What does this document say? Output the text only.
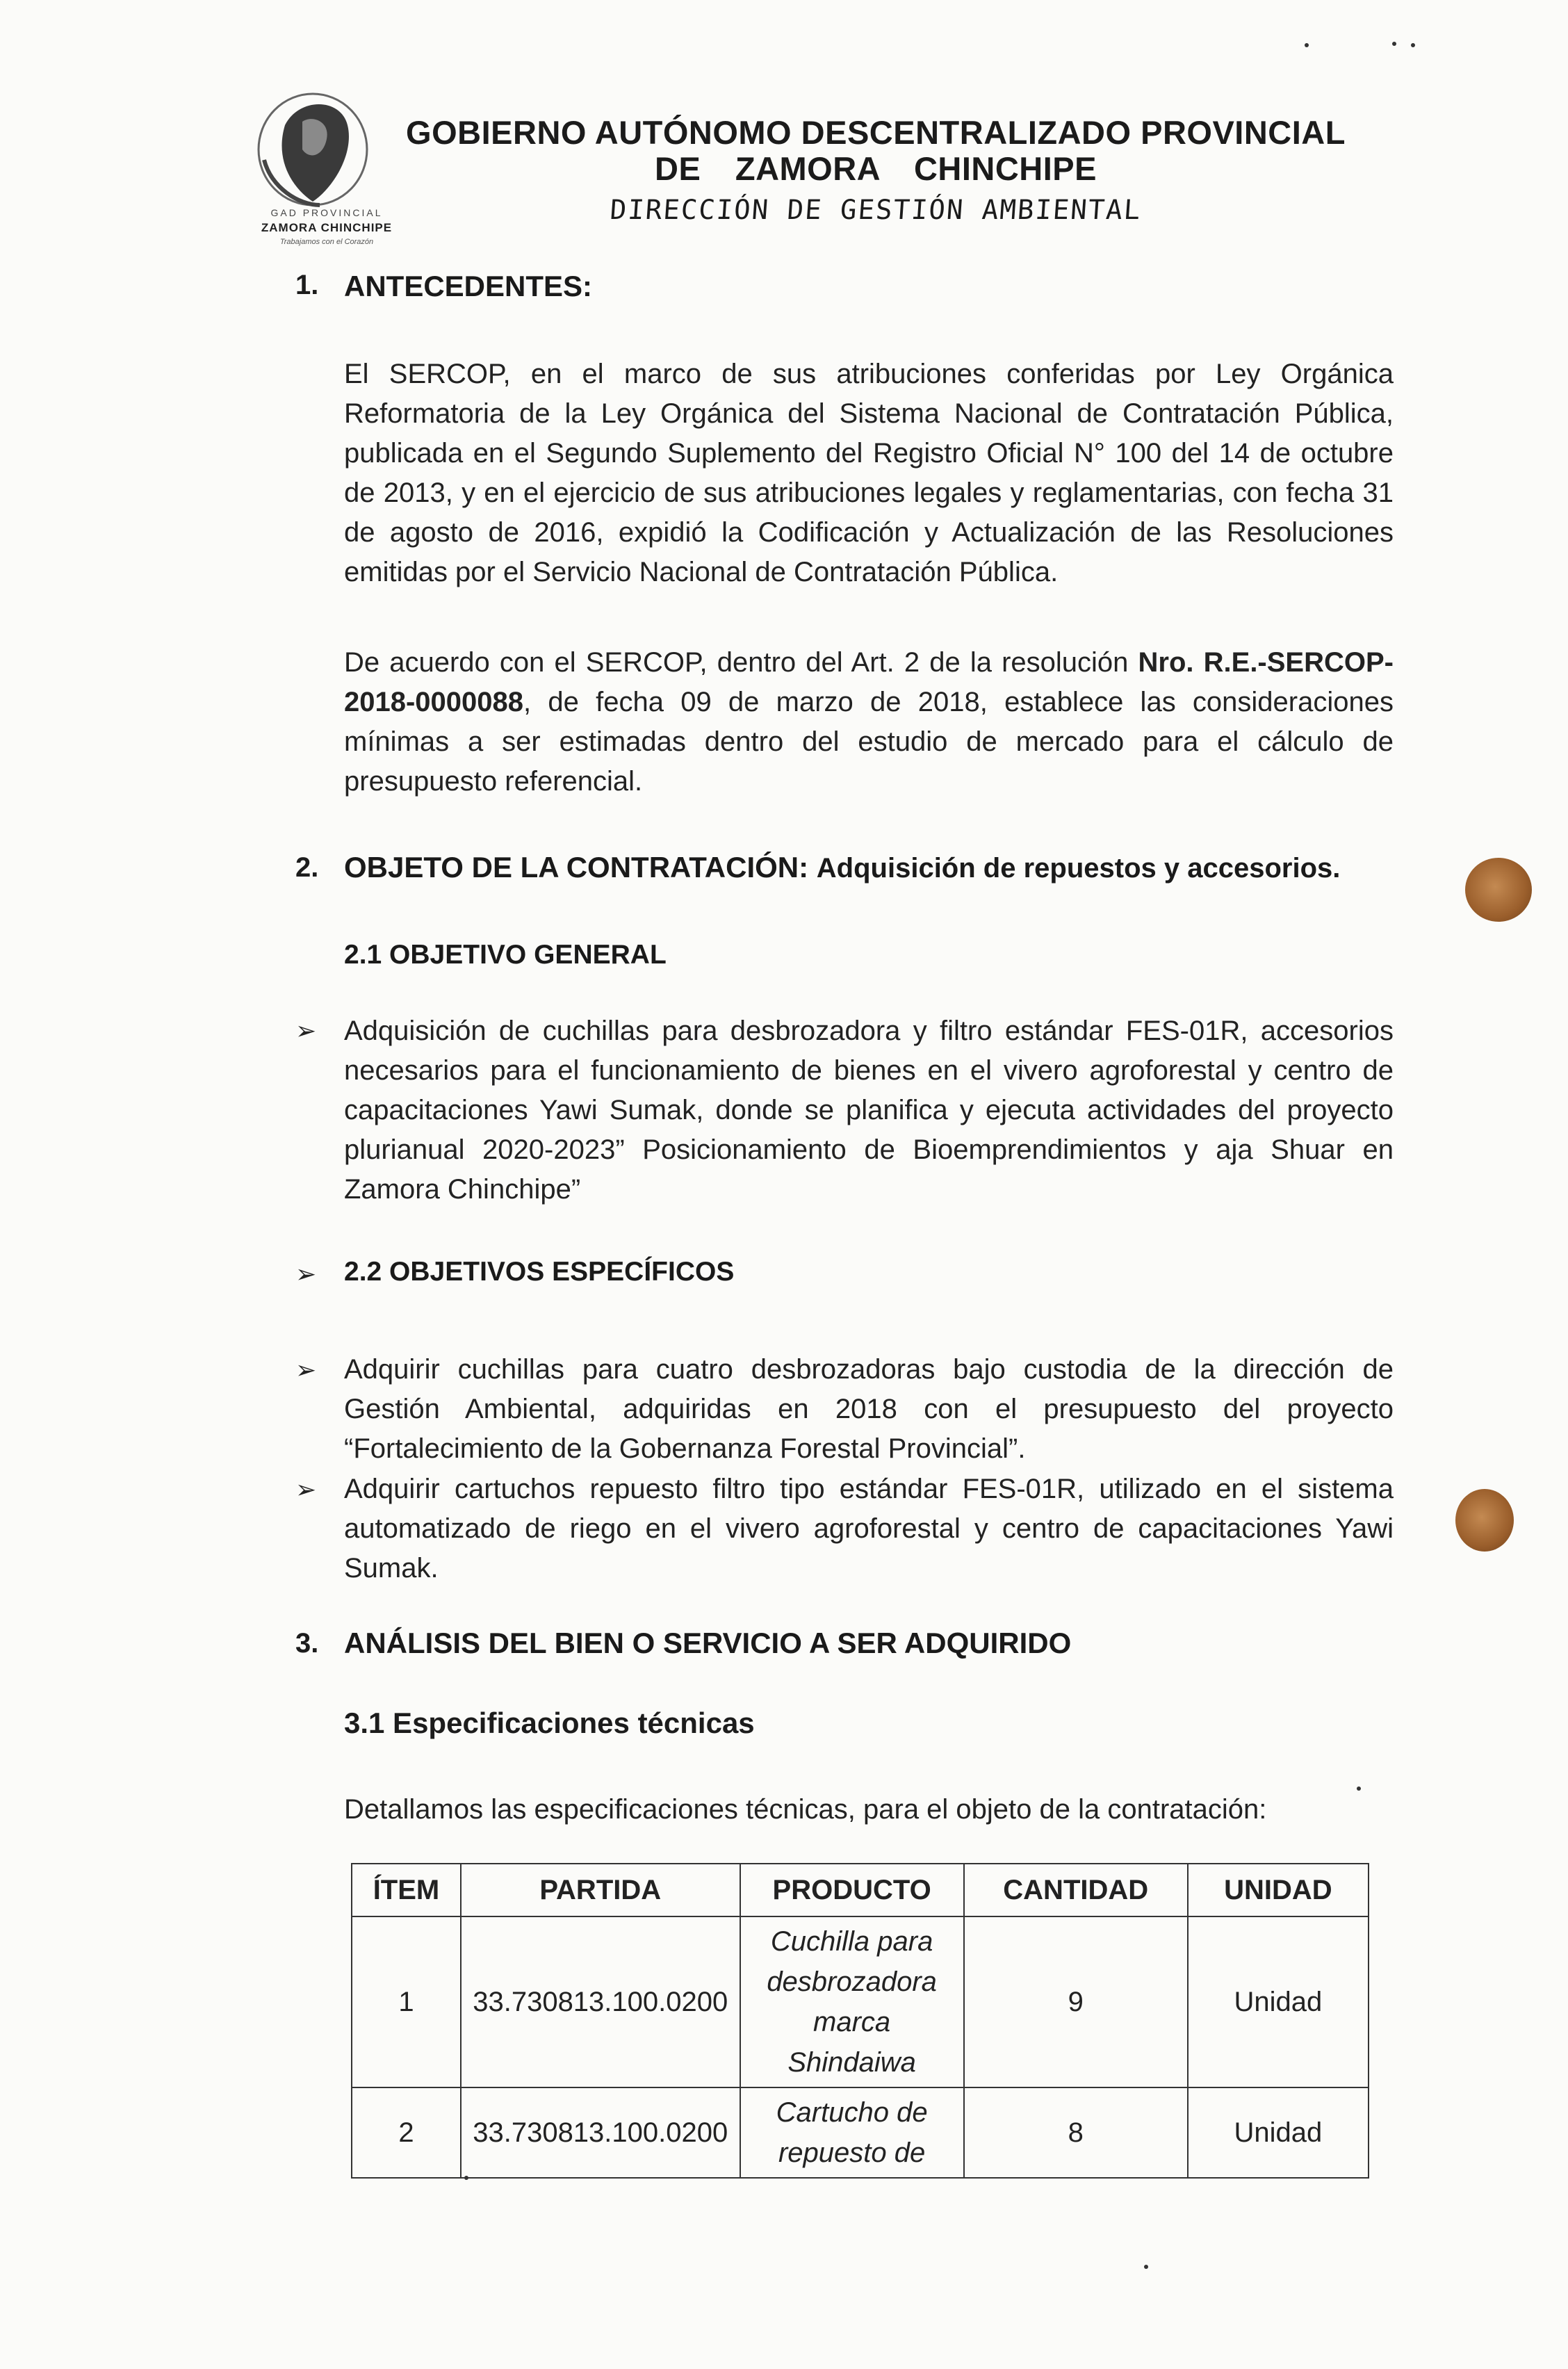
GAD PROVINCIAL
ZAMORA CHINCHIPE
Trabajamos con el Corazón
GOBIERNO AUTÓNOMO DESCENTRALIZADO PROVINCIAL
DE ZAMORA CHINCHIPE
DIRECCIÓN DE GESTIÓN AMBIENTAL
1. ANTECEDENTES:
El SERCOP, en el marco de sus atribuciones conferidas por Ley Orgánica Reformatoria de la Ley Orgánica del Sistema Nacional de Contratación Pública, publicada en el Segundo Suplemento del Registro Oficial N° 100 del 14 de octubre de 2013, y en el ejercicio de sus atribuciones legales y reglamentarias, con fecha 31 de agosto de 2016, expidió la Codificación y Actualización de las Resoluciones emitidas por el Servicio Nacional de Contratación Pública.
De acuerdo con el SERCOP, dentro del Art. 2 de la resolución Nro. R.E.-SERCOP-2018-0000088, de fecha 09 de marzo de 2018, establece las consideraciones mínimas a ser estimadas dentro del estudio de mercado para el cálculo de presupuesto referencial.
2. OBJETO DE LA CONTRATACIÓN: Adquisición de repuestos y accesorios.
2.1 OBJETIVO GENERAL
➢ Adquisición de cuchillas para desbrozadora y filtro estándar FES-01R, accesorios necesarios para el funcionamiento de bienes en el vivero agroforestal y centro de capacitaciones Yawi Sumak, donde se planifica y ejecuta actividades del proyecto plurianual 2020-2023” Posicionamiento de Bioemprendimientos y aja Shuar en Zamora Chinchipe”
➢ 2.2 OBJETIVOS ESPECÍFICOS
➢ Adquirir cuchillas para cuatro desbrozadoras bajo custodia de la dirección de Gestión Ambiental, adquiridas en 2018 con el presupuesto del proyecto “Fortalecimiento de la Gobernanza Forestal Provincial”.
➢ Adquirir cartuchos repuesto filtro tipo estándar FES-01R, utilizado en el sistema automatizado de riego en el vivero agroforestal y centro de capacitaciones Yawi Sumak.
3. ANÁLISIS DEL BIEN O SERVICIO A SER ADQUIRIDO
3.1 Especificaciones técnicas
Detallamos las especificaciones técnicas, para el objeto de la contratación:
ÍTEM	PARTIDA	PRODUCTO	CANTIDAD	UNIDAD
1	33.730813.100.0200	Cuchilla para desbrozadora marca Shindaiwa	9	Unidad
2	33.730813.100.0200	Cartucho de repuesto de	8	Unidad
